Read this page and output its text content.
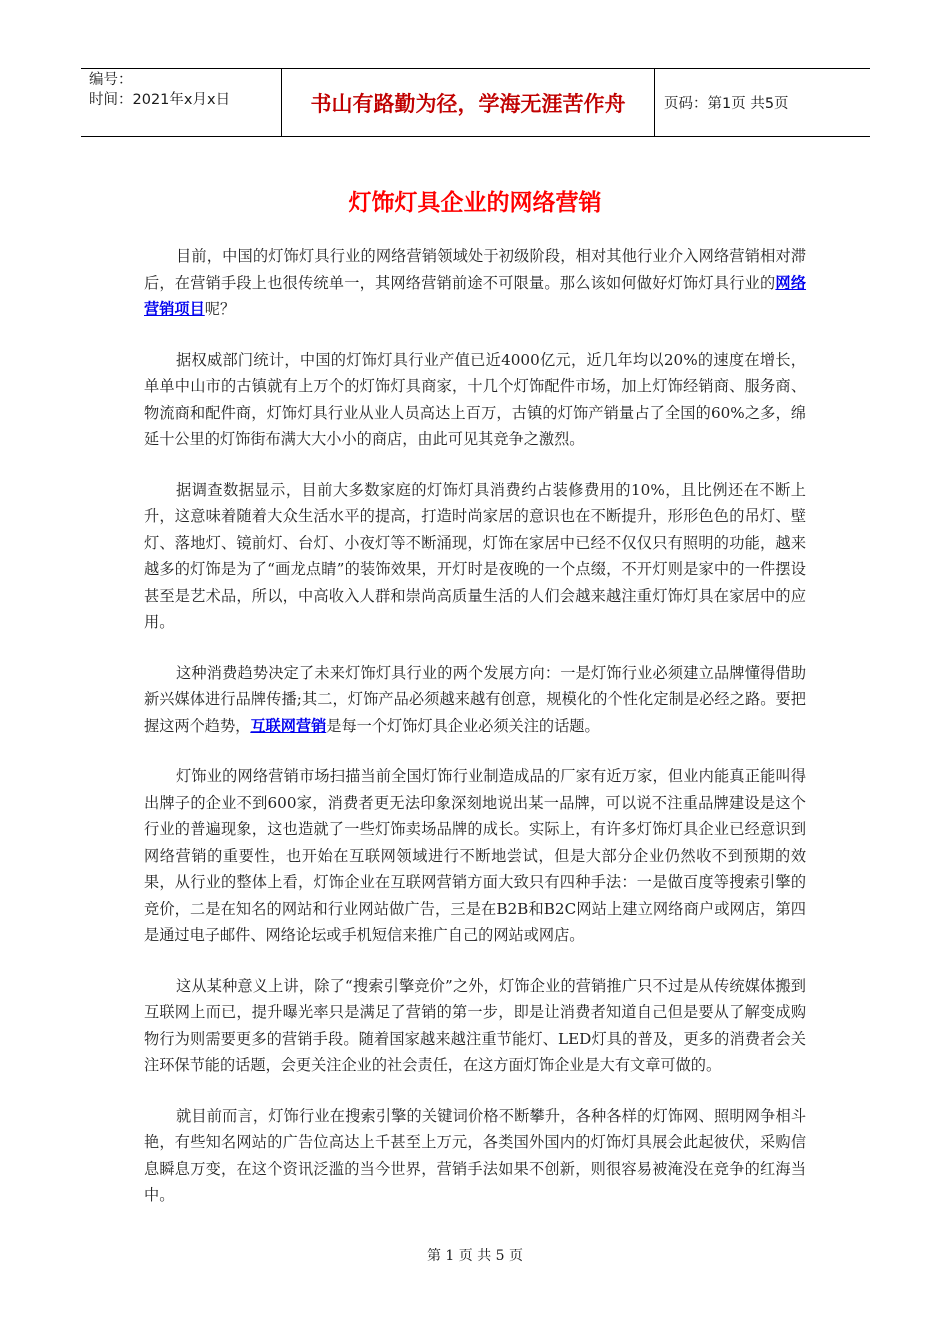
编号：
时间：2021年x月x日	书山有路勤为径，学海无涯苦作舟	页码：第1页 共5页
灯饰灯具企业的网络营销

目前，中国的灯饰灯具行业的网络营销领域处于初级阶段，相对其他行业介入网络营销相对滞后，在营销手段上也很传统单一，其网络营销前途不可限量。那么该如何做好灯饰灯具行业的网络营销项目呢？

据权威部门统计，中国的灯饰灯具行业产值已近4000亿元，近几年均以20%的速度在增长，单单中山市的古镇就有上万个的灯饰灯具商家，十几个灯饰配件市场，加上灯饰经销商、服务商、物流商和配件商，灯饰灯具行业从业人员高达上百万，古镇的灯饰产销量占了全国的60%之多，绵延十公里的灯饰街布满大大小小的商店，由此可见其竞争之激烈。

据调查数据显示，目前大多数家庭的灯饰灯具消费约占装修费用的10%，且比例还在不断上升，这意味着随着大众生活水平的提高，打造时尚家居的意识也在不断提升，形形色色的吊灯、壁灯、落地灯、镜前灯、台灯、小夜灯等不断涌现，灯饰在家居中已经不仅仅只有照明的功能，越来越多的灯饰是为了“画龙点睛”的装饰效果，开灯时是夜晚的一个点缀，不开灯则是家中的一件摆设甚至是艺术品，所以，中高收入人群和崇尚高质量生活的人们会越来越注重灯饰灯具在家居中的应用。

这种消费趋势决定了未来灯饰灯具行业的两个发展方向：一是灯饰行业必须建立品牌懂得借助新兴媒体进行品牌传播;其二，灯饰产品必须越来越有创意，规模化的个性化定制是必经之路。要把握这两个趋势，互联网营销是每一个灯饰灯具企业必须关注的话题。

灯饰业的网络营销市场扫描当前全国灯饰行业制造成品的厂家有近万家，但业内能真正能叫得出牌子的企业不到600家，消费者更无法印象深刻地说出某一品牌，可以说不注重品牌建设是这个行业的普遍现象，这也造就了一些灯饰卖场品牌的成长。实际上，有许多灯饰灯具企业已经意识到网络营销的重要性，也开始在互联网领域进行不断地尝试，但是大部分企业仍然收不到预期的效果，从行业的整体上看，灯饰企业在互联网营销方面大致只有四种手法：一是做百度等搜索引擎的竞价，二是在知名的网站和行业网站做广告，三是在B2B和B2C网站上建立网络商户或网店，第四是通过电子邮件、网络论坛或手机短信来推广自己的网站或网店。

这从某种意义上讲，除了“搜索引擎竞价”之外，灯饰企业的营销推广只不过是从传统媒体搬到互联网上而已，提升曝光率只是满足了营销的第一步，即是让消费者知道自己但是要从了解变成购物行为则需要更多的营销手段。随着国家越来越注重节能灯、LED灯具的普及，更多的消费者会关注环保节能的话题，会更关注企业的社会责任，在这方面灯饰企业是大有文章可做的。

就目前而言，灯饰行业在搜索引擎的关键词价格不断攀升，各种各样的灯饰网、照明网争相斗艳，有些知名网站的广告位高达上千甚至上万元，各类国外国内的灯饰灯具展会此起彼伏，采购信息瞬息万变，在这个资讯泛滥的当今世界，营销手法如果不创新，则很容易被淹没在竞争的红海当中。

第 1 页 共 5 页
